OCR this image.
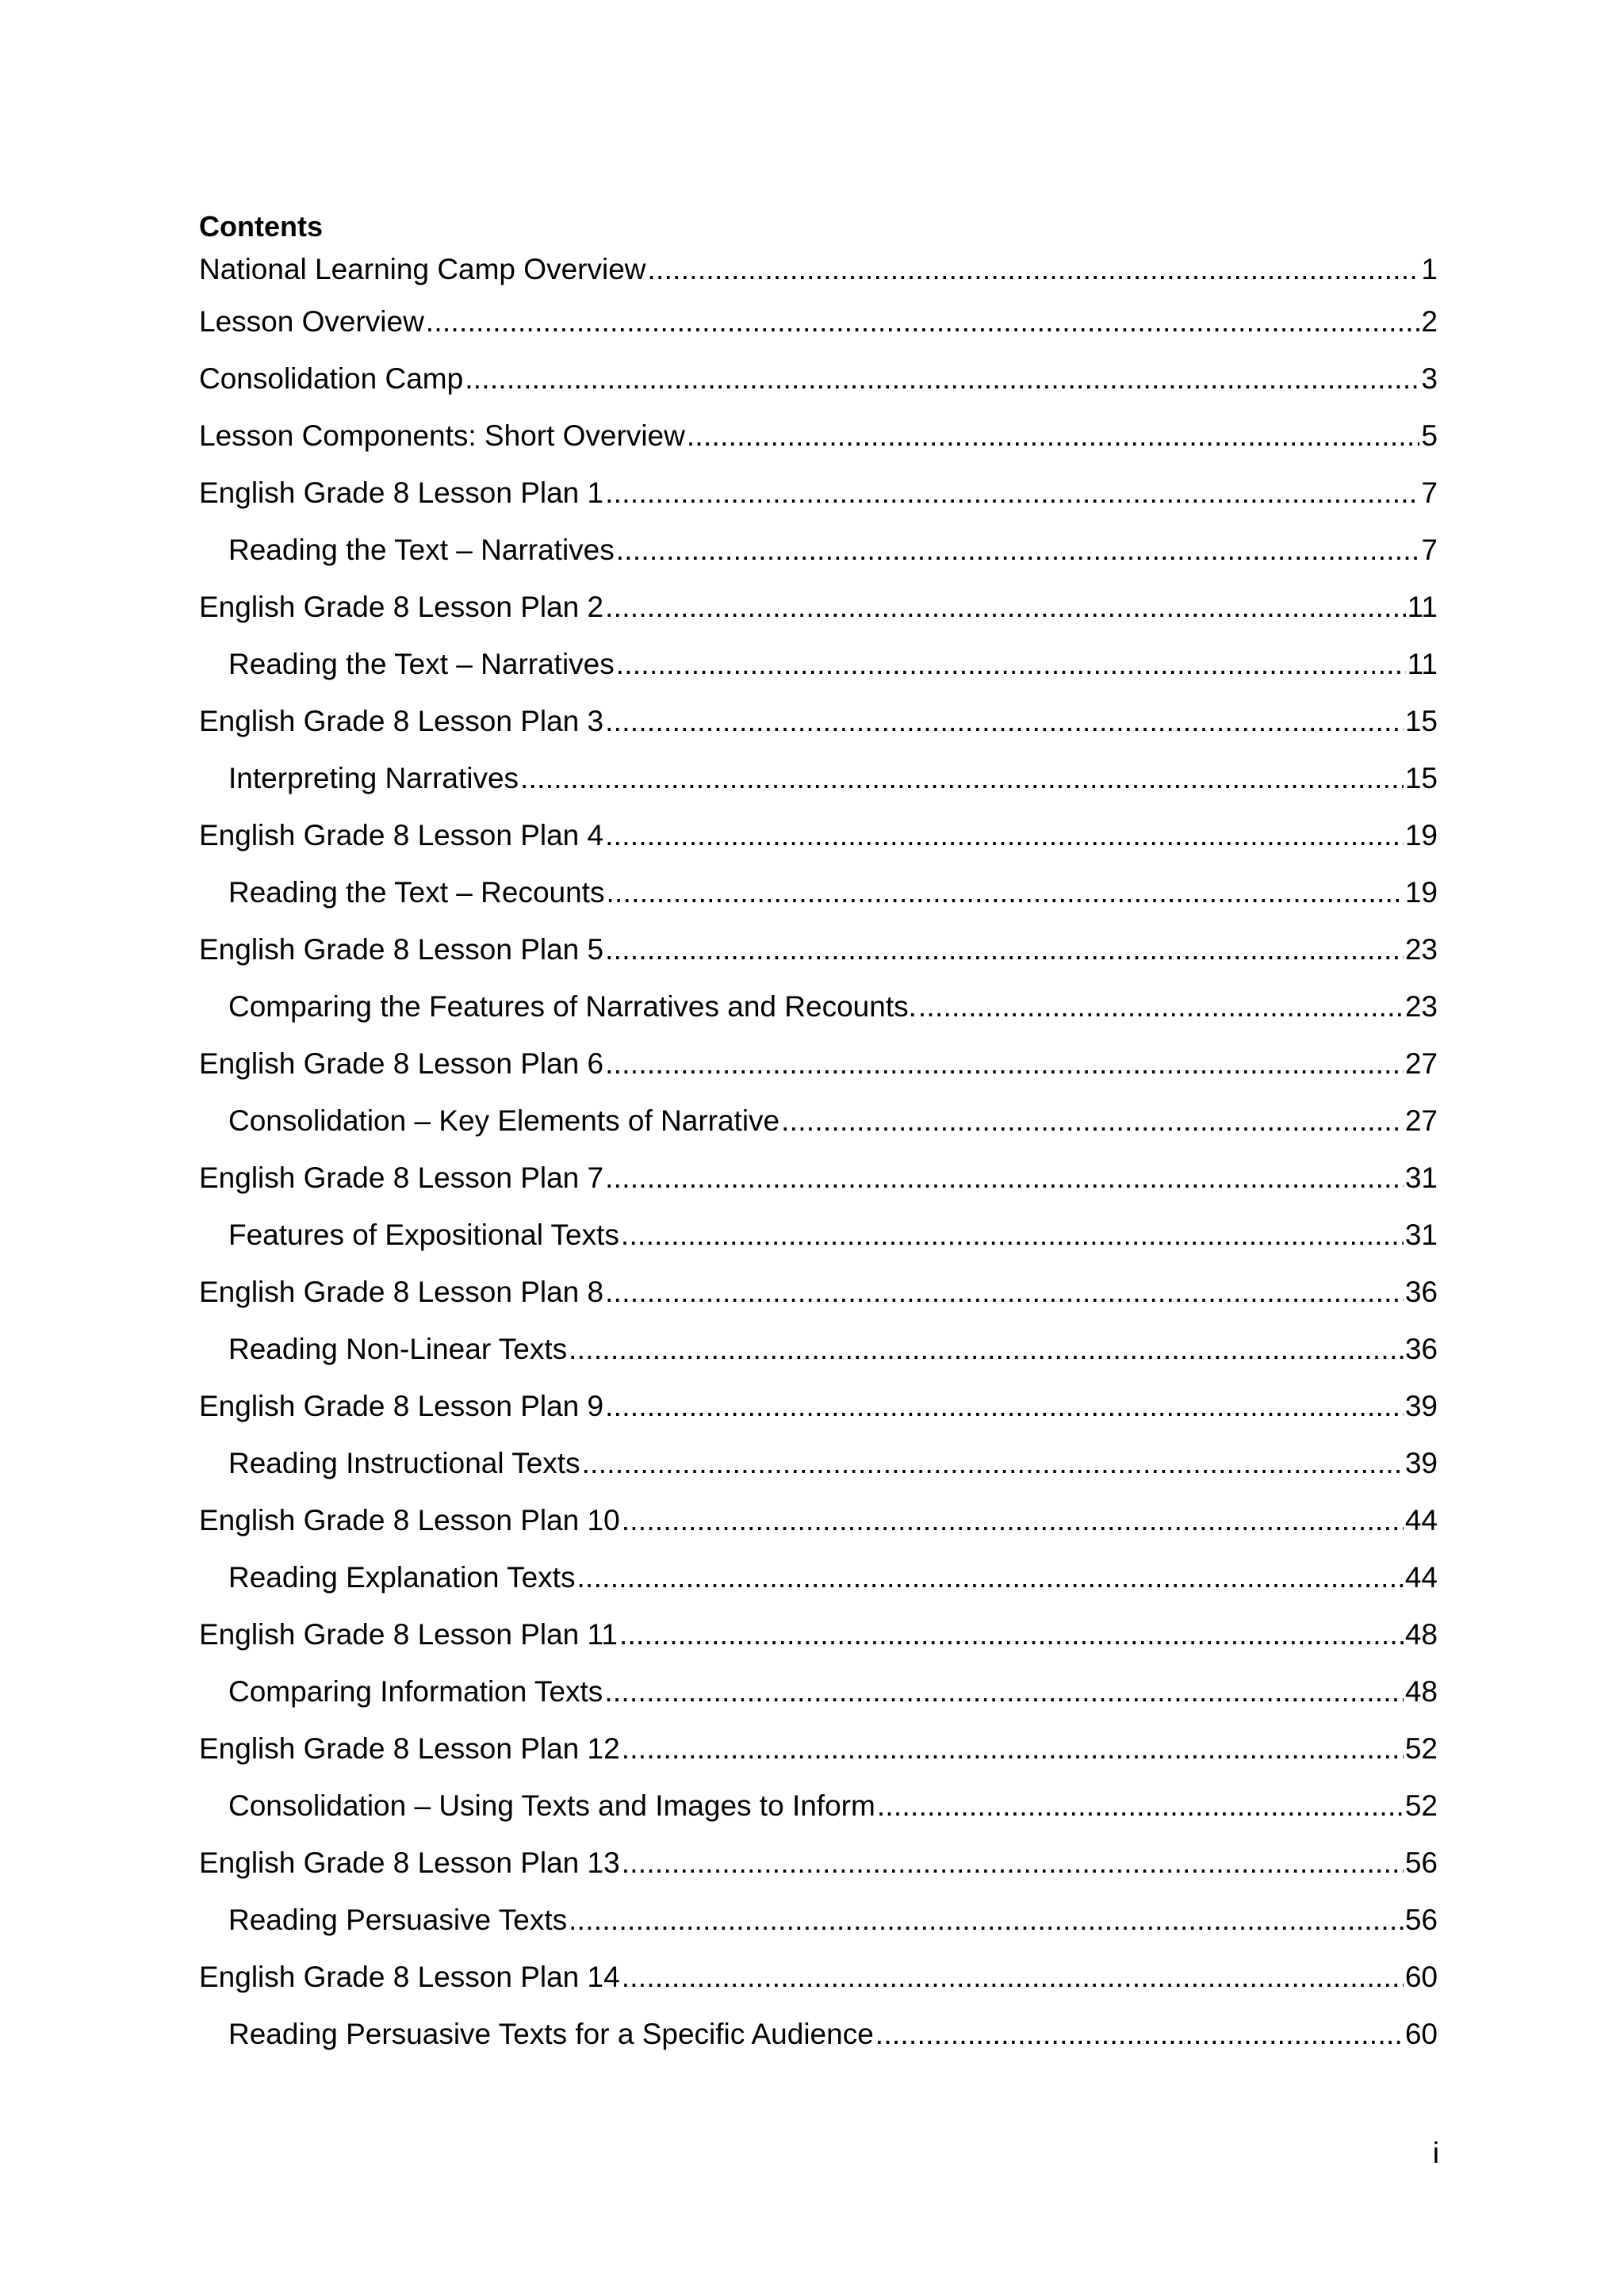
Contents
National Learning Camp Overview . . .	1
Lesson Overview . . .	2
Consolidation Camp . . .	3
Lesson Components: Short Overview . . .	5
English Grade 8 Lesson Plan 1 . . .	7
Reading the Text – Narratives . . .	7
English Grade 8 Lesson Plan 2 . . .	11
Reading the Text – Narratives . . .	11
English Grade 8 Lesson Plan 3 . . .	15
Interpreting Narratives . . .	15
English Grade 8 Lesson Plan 4 . . .	19
Reading the Text – Recounts . . .	19
English Grade 8 Lesson Plan 5 . . .	23
Comparing the Features of Narratives and Recounts. . . .	23
English Grade 8 Lesson Plan 6 . . .	27
Consolidation – Key Elements of Narrative . . .	27
English Grade 8 Lesson Plan 7 . . .	31
Features of Expositional Texts . . .	31
English Grade 8 Lesson Plan 8 . . .	36
Reading Non-Linear Texts . . .	36
English Grade 8 Lesson Plan 9 . . .	39
Reading Instructional Texts . . .	39
English Grade 8 Lesson Plan 10 . . .	44
Reading Explanation Texts . . .	44
English Grade 8 Lesson Plan 11 . . .	48
Comparing Information Texts . . .	48
English Grade 8 Lesson Plan 12 . . .	52
Consolidation – Using Texts and Images to Inform . . .	52
English Grade 8 Lesson Plan 13 . . .	56
Reading Persuasive Texts . . .	56
English Grade 8 Lesson Plan 14 . . .	60
Reading Persuasive Texts for a Specific Audience . . .	60
i
